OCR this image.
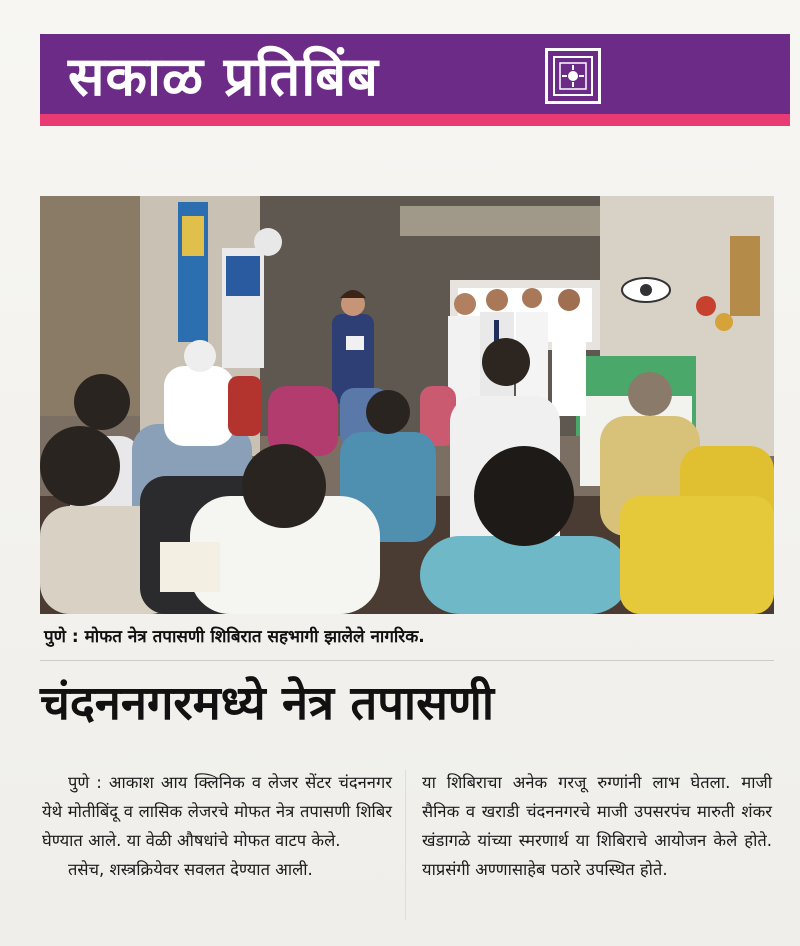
सकाळ प्रतिबिंब
पुणे : मोफत नेत्र तपासणी शिबिरात सहभागी झालेले नागरिक.
चंदननगरमध्ये नेत्र तपासणी

पुणे : आकाश आय क्लिनिक व लेजर सेंटर चंदननगर येथे मोतीबिंदू व लासिक लेजरचे मोफत नेत्र तपासणी शिबिर घेण्यात आले. या वेळी औषधांचे मोफत वाटप केले.

तसेच, शस्त्रक्रियेवर सवलत देण्यात आली.

या शिबिराचा अनेक गरजू रुग्णांनी लाभ घेतला. माजी सैनिक व खराडी चंदननगरचे माजी उपसरपंच मारुती शंकर खंडागळे यांच्या स्मरणार्थ या शिबिराचे आयोजन केले होते. याप्रसंगी अण्णासाहेब पठारे उपस्थित होते.
